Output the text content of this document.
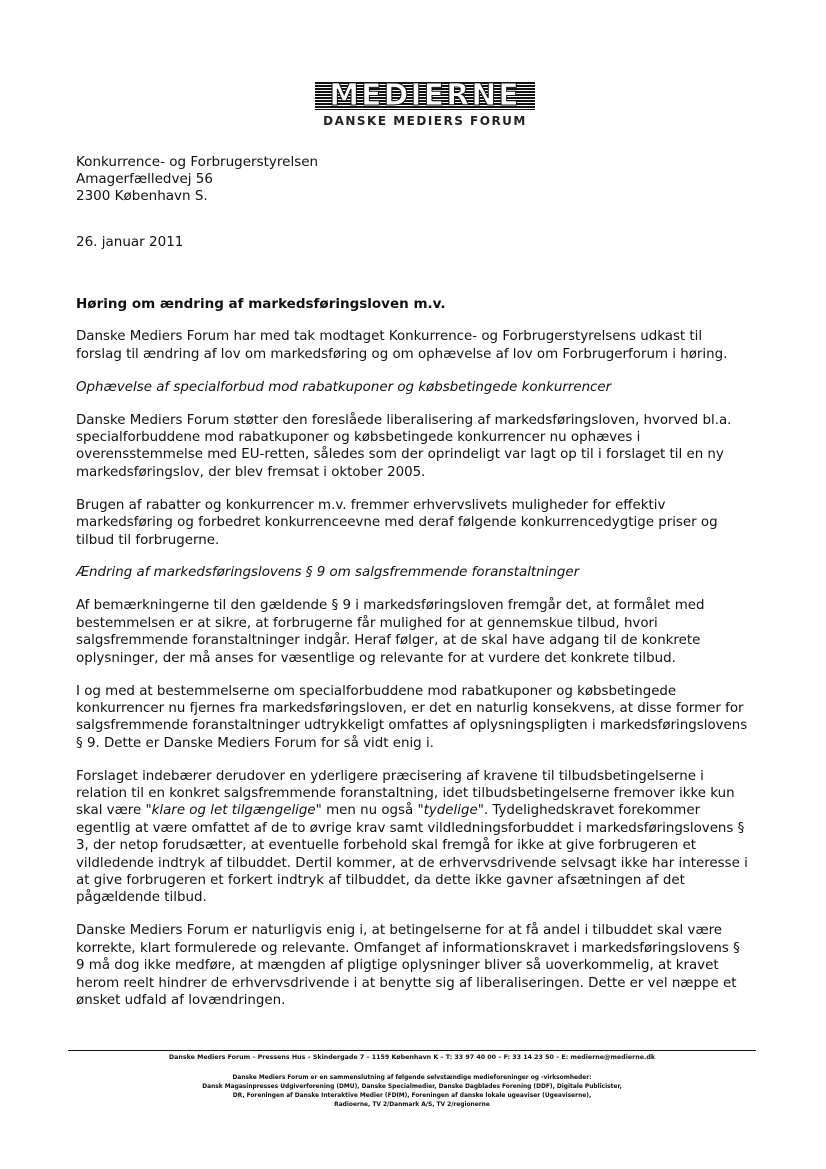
MEDIERNE
DANSKE MEDIERS FORUM
Konkurrence- og Forbrugerstyrelsen
Amagerfælledvej 56
2300 København S.
26. januar 2011
Høring om ændring af markedsføringsloven m.v.

Danske Mediers Forum har med tak modtaget Konkurrence- og Forbrugerstyrelsens udkast til forslag til ændring af lov om markedsføring og om ophævelse af lov om Forbrugerforum i høring.

Ophævelse af specialforbud mod rabatkuponer og købsbetingede konkurrencer

Danske Mediers Forum støtter den foreslåede liberalisering af markedsføringsloven, hvorved bl.a. specialforbuddene mod rabatkuponer og købsbetingede konkurrencer nu ophæves i overensstemmelse med EU-retten, således som der oprindeligt var lagt op til i forslaget til en ny markedsføringslov, der blev fremsat i oktober 2005.

Brugen af rabatter og konkurrencer m.v. fremmer erhvervslivets muligheder for effektiv markedsføring og forbedret konkurrenceevne med deraf følgende konkurrencedygtige priser og tilbud til forbrugerne.

Ændring af markedsføringslovens § 9 om salgsfremmende foranstaltninger

Af bemærkningerne til den gældende § 9 i markedsføringsloven fremgår det, at formålet med bestemmelsen er at sikre, at forbrugerne får mulighed for at gennemskue tilbud, hvori salgsfremmende foranstaltninger indgår. Heraf følger, at de skal have adgang til de konkrete oplysninger, der må anses for væsentlige og relevante for at vurdere det konkrete tilbud.

I og med at bestemmelserne om specialforbuddene mod rabatkuponer og købsbetingede konkurrencer nu fjernes fra markedsføringsloven, er det en naturlig konsekvens, at disse former for salgsfremmende foranstaltninger udtrykkeligt omfattes af oplysningspligten i markedsføringslovens § 9. Dette er Danske Mediers Forum for så vidt enig i.

Forslaget indebærer derudover en yderligere præcisering af kravene til tilbudsbetingelserne i relation til en konkret salgsfremmende foranstaltning, idet tilbudsbetingelserne fremover ikke kun skal være "klare og let tilgængelige" men nu også "tydelige". Tydelighedskravet forekommer egentlig at være omfattet af de to øvrige krav samt vildledningsforbuddet i markedsføringslovens § 3, der netop forudsætter, at eventuelle forbehold skal fremgå for ikke at give forbrugeren et vildledende indtryk af tilbuddet. Dertil kommer, at de erhvervsdrivende selvsagt ikke har interesse i at give forbrugeren et forkert indtryk af tilbuddet, da dette ikke gavner afsætningen af det pågældende tilbud.

Danske Mediers Forum er naturligvis enig i, at betingelserne for at få andel i tilbuddet skal være korrekte, klart formulerede og relevante. Omfanget af informationskravet i markedsføringslovens § 9 må dog ikke medføre, at mængden af pligtige oplysninger bliver så uoverkommelig, at kravet herom reelt hindrer de erhvervsdrivende i at benytte sig af liberaliseringen. Dette er vel næppe et ønsket udfald af lovændringen.

Danske Mediers Forum – Pressens Hus – Skindergade 7 – 1159 København K – T: 33 97 40 00 – F: 33 14 23 50 – E: medierne@medierne.dk
Danske Mediers Forum er en sammenslutning af følgende selvstændige medieforeninger og -virksomheder:
Dansk Magasinpresses Udgiverforening (DMU), Danske Specialmedier, Danske Dagblades Forening (DDF), Digitale Publicister,
DR, Foreningen af Danske Interaktive Medier (FDIM), Foreningen af danske lokale ugeaviser (Ugeaviserne),
Radioerne, TV 2/Danmark A/S, TV 2/regionerne
